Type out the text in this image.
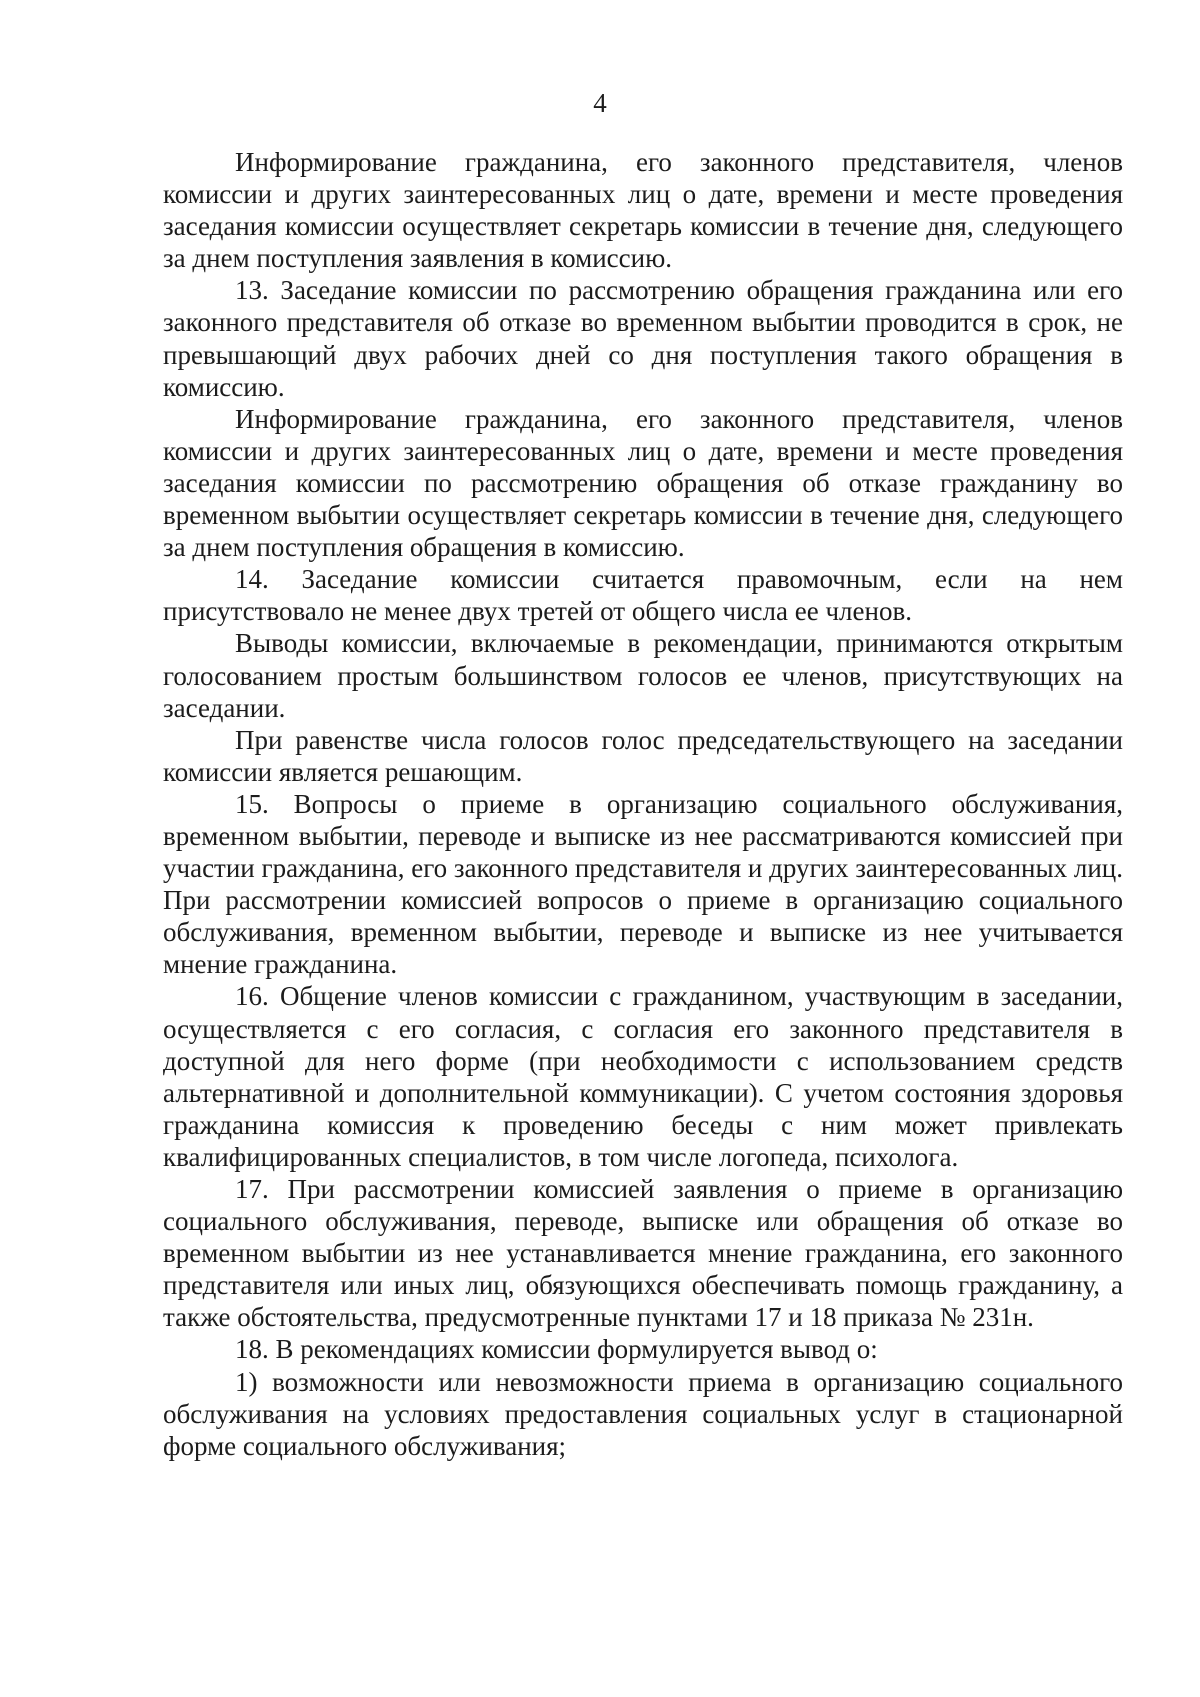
4

Информирование гражданина, его законного представителя, членов комиссии и других заинтересованных лиц о дате, времени и месте проведения заседания комиссии осуществляет секретарь комиссии в течение дня, следующего за днем поступления заявления в комиссию.

13. Заседание комиссии по рассмотрению обращения гражданина или его законного представителя об отказе во временном выбытии проводится в срок, не превышающий двух рабочих дней со дня поступления такого обращения в комиссию.

Информирование гражданина, его законного представителя, членов комиссии и других заинтересованных лиц о дате, времени и месте проведения заседания комиссии по рассмотрению обращения об отказе гражданину во временном выбытии осуществляет секретарь комиссии в течение дня, следующего за днем поступления обращения в комиссию.

14. Заседание комиссии считается правомочным, если на нем присутствовало не менее двух третей от общего числа ее членов.

Выводы комиссии, включаемые в рекомендации, принимаются открытым голосованием простым большинством голосов ее членов, присутствующих на заседании.

При равенстве числа голосов голос председательствующего на заседании комиссии является решающим.

15. Вопросы о приеме в организацию социального обслуживания, временном выбытии, переводе и выписке из нее рассматриваются комиссией при участии гражданина, его законного представителя и других заинтересованных лиц. При рассмотрении комиссией вопросов о приеме в организацию социального обслуживания, временном выбытии, переводе и выписке из нее учитывается мнение гражданина.

16. Общение членов комиссии с гражданином, участвующим в заседании, осуществляется с его согласия, с согласия его законного представителя в доступной для него форме (при необходимости с использованием средств альтернативной и дополнительной коммуникации). С учетом состояния здоровья гражданина комиссия к проведению беседы с ним может привлекать квалифицированных специалистов, в том числе логопеда, психолога.

17. При рассмотрении комиссией заявления о приеме в организацию социального обслуживания, переводе, выписке или обращения об отказе во временном выбытии из нее устанавливается мнение гражданина, его законного представителя или иных лиц, обязующихся обеспечивать помощь гражданину, а также обстоятельства, предусмотренные пунктами 17 и 18 приказа № 231н.

18. В рекомендациях комиссии формулируется вывод о:

1) возможности или невозможности приема в организацию социального обслуживания на условиях предоставления социальных услуг в стационарной форме социального обслуживания;
